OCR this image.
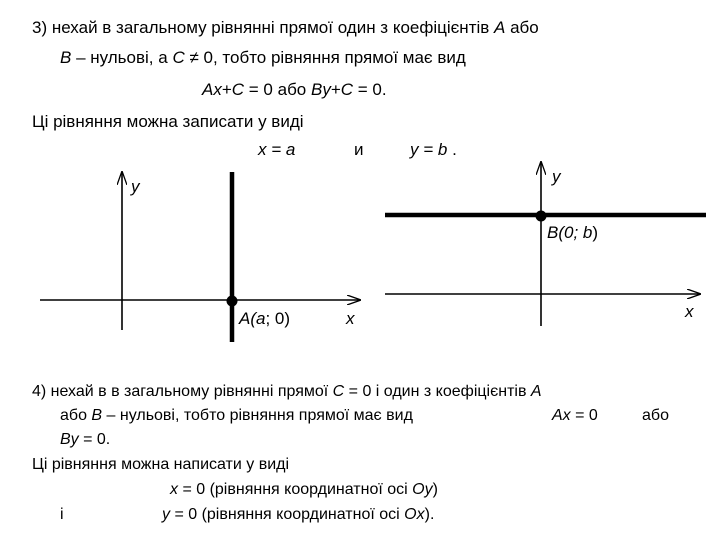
3) нехай в загальному рівнянні прямої один з коефіцієнтів A або
B – нульові, а C ≠ 0, тобто рівняння прямої має вид
Ax+C = 0 або By+C = 0.
Ці рівняння можна записати у виді
x = a	и	y = b .
y
x
A(a; 0)
y
x
B(0; b)
4) нехай в в загальному рівнянні прямої C = 0 і один з коефіцієнтів A
або B – нульові, тобто рівняння прямої має вид	Ax = 0	або
By = 0.
Ці рівняння можна написати у виді
x = 0 (рівняння координатної осі Oy)
і	y = 0 (рівняння координатної осі Ox).
